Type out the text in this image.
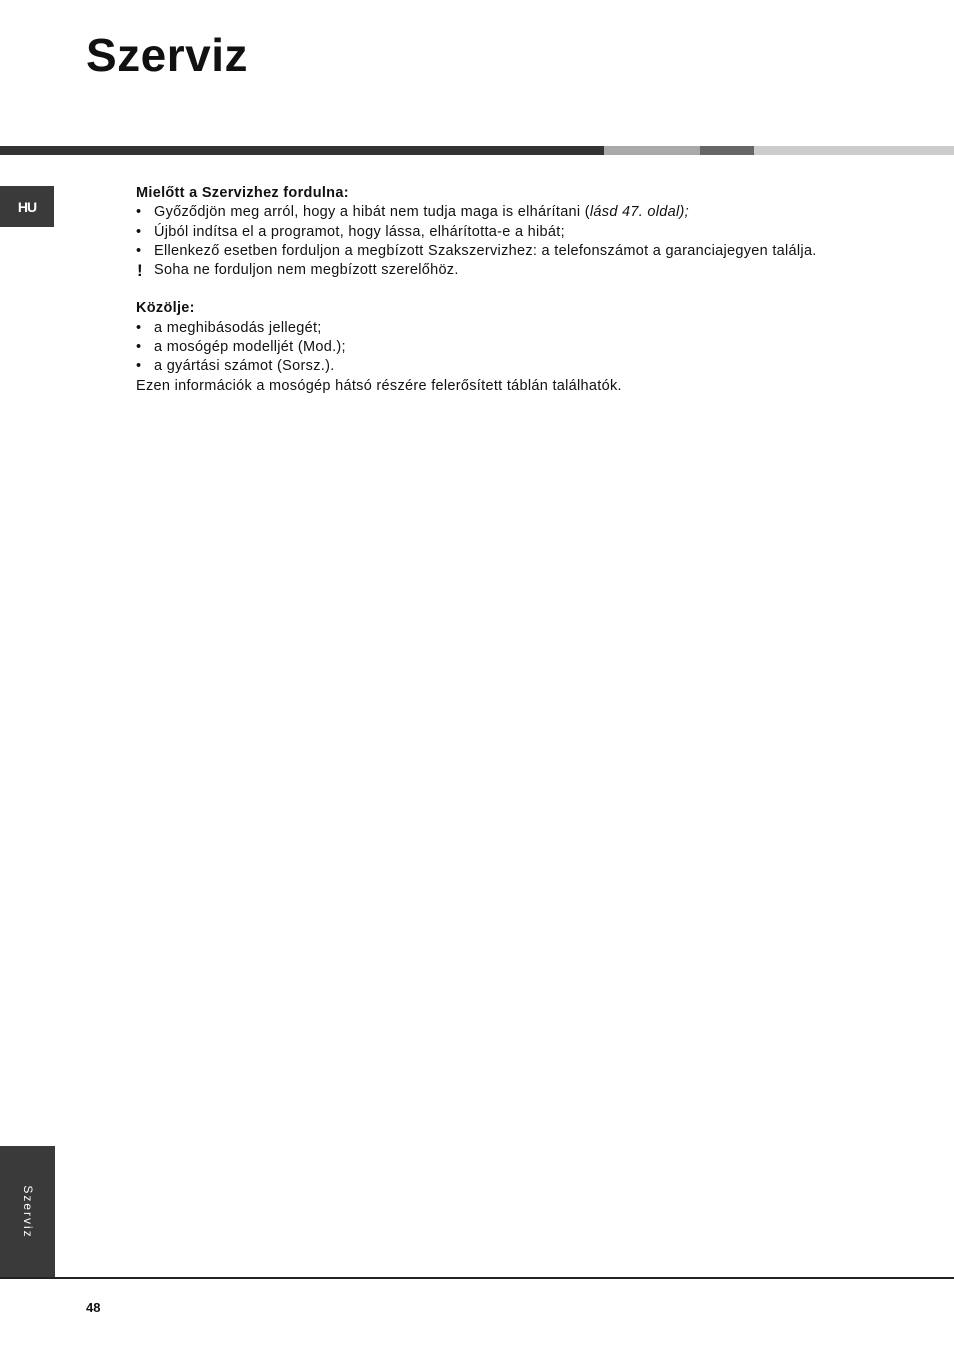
Szerviz
HU
Mielőtt a Szervizhez fordulna:
• Győződjön meg arról, hogy a hibát nem tudja maga is elhárítani (lásd 47. oldal);
• Újból indítsa el a programot, hogy lássa, elhárította-e a hibát;
• Ellenkező esetben forduljon a megbízott Szakszervizhez: a telefonszámot a garanciajegyen találja.
! Soha ne forduljon nem megbízott szerelőhöz.
Közölje:
• a meghibásodás jellegét;
• a mosógép modelljét (Mod.);
• a gyártási számot (Sorsz.).

Ezen információk a mosógép hátsó részére felerősített táblán találhatók.

Szerviz
48
